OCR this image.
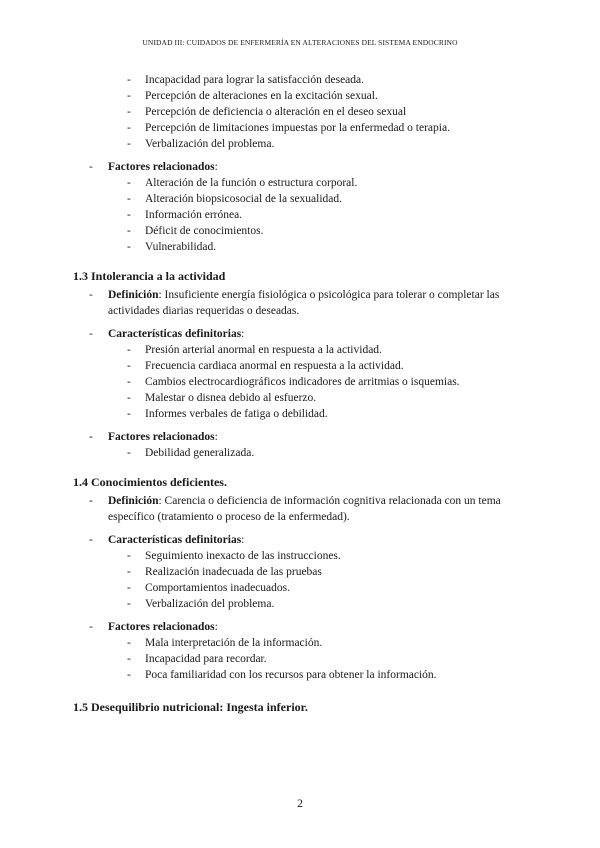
UNIDAD III: CUIDADOS DE ENFERMERÍA EN ALTERACIONES DEL SISTEMA ENDOCRINO
- Incapacidad para lograr la satisfacción deseada.
- Percepción de alteraciones en la excitación sexual.
- Percepción de deficiencia o alteración en el deseo sexual
- Percepción de limitaciones impuestas por la enfermedad o terapia.
- Verbalización del problema.
- Factores relacionados:
- Alteración de la función o estructura corporal.
- Alteración biopsicosocial de la sexualidad.
- Información errónea.
- Déficit de conocimientos.
- Vulnerabilidad.
1.3 Intolerancia a la actividad
- Definición: Insuficiente energía fisiológica o psicológica para tolerar o completar las
actividades diarias requeridas o deseadas.
- Características definitorias:
- Presión arterial anormal en respuesta a la actividad.
- Frecuencia cardiaca anormal en respuesta a la actividad.
- Cambios electrocardiográficos indicadores de arritmias o isquemias.
- Malestar o disnea debido al esfuerzo.
- Informes verbales de fatiga o debilidad.
- Factores relacionados:
- Debilidad generalizada.
1.4 Conocimientos deficientes.
- Definición: Carencia o deficiencia de información cognitiva relacionada con un tema
específico (tratamiento o proceso de la enfermedad).
- Características definitorias:
- Seguimiento inexacto de las instrucciones.
- Realización inadecuada de las pruebas
- Comportamientos inadecuados.
- Verbalización del problema.
- Factores relacionados:
- Mala interpretación de la información.
- Incapacidad para recordar.
- Poca familiaridad con los recursos para obtener la información.
1.5 Desequilibrio nutricional: Ingesta inferior.
2
